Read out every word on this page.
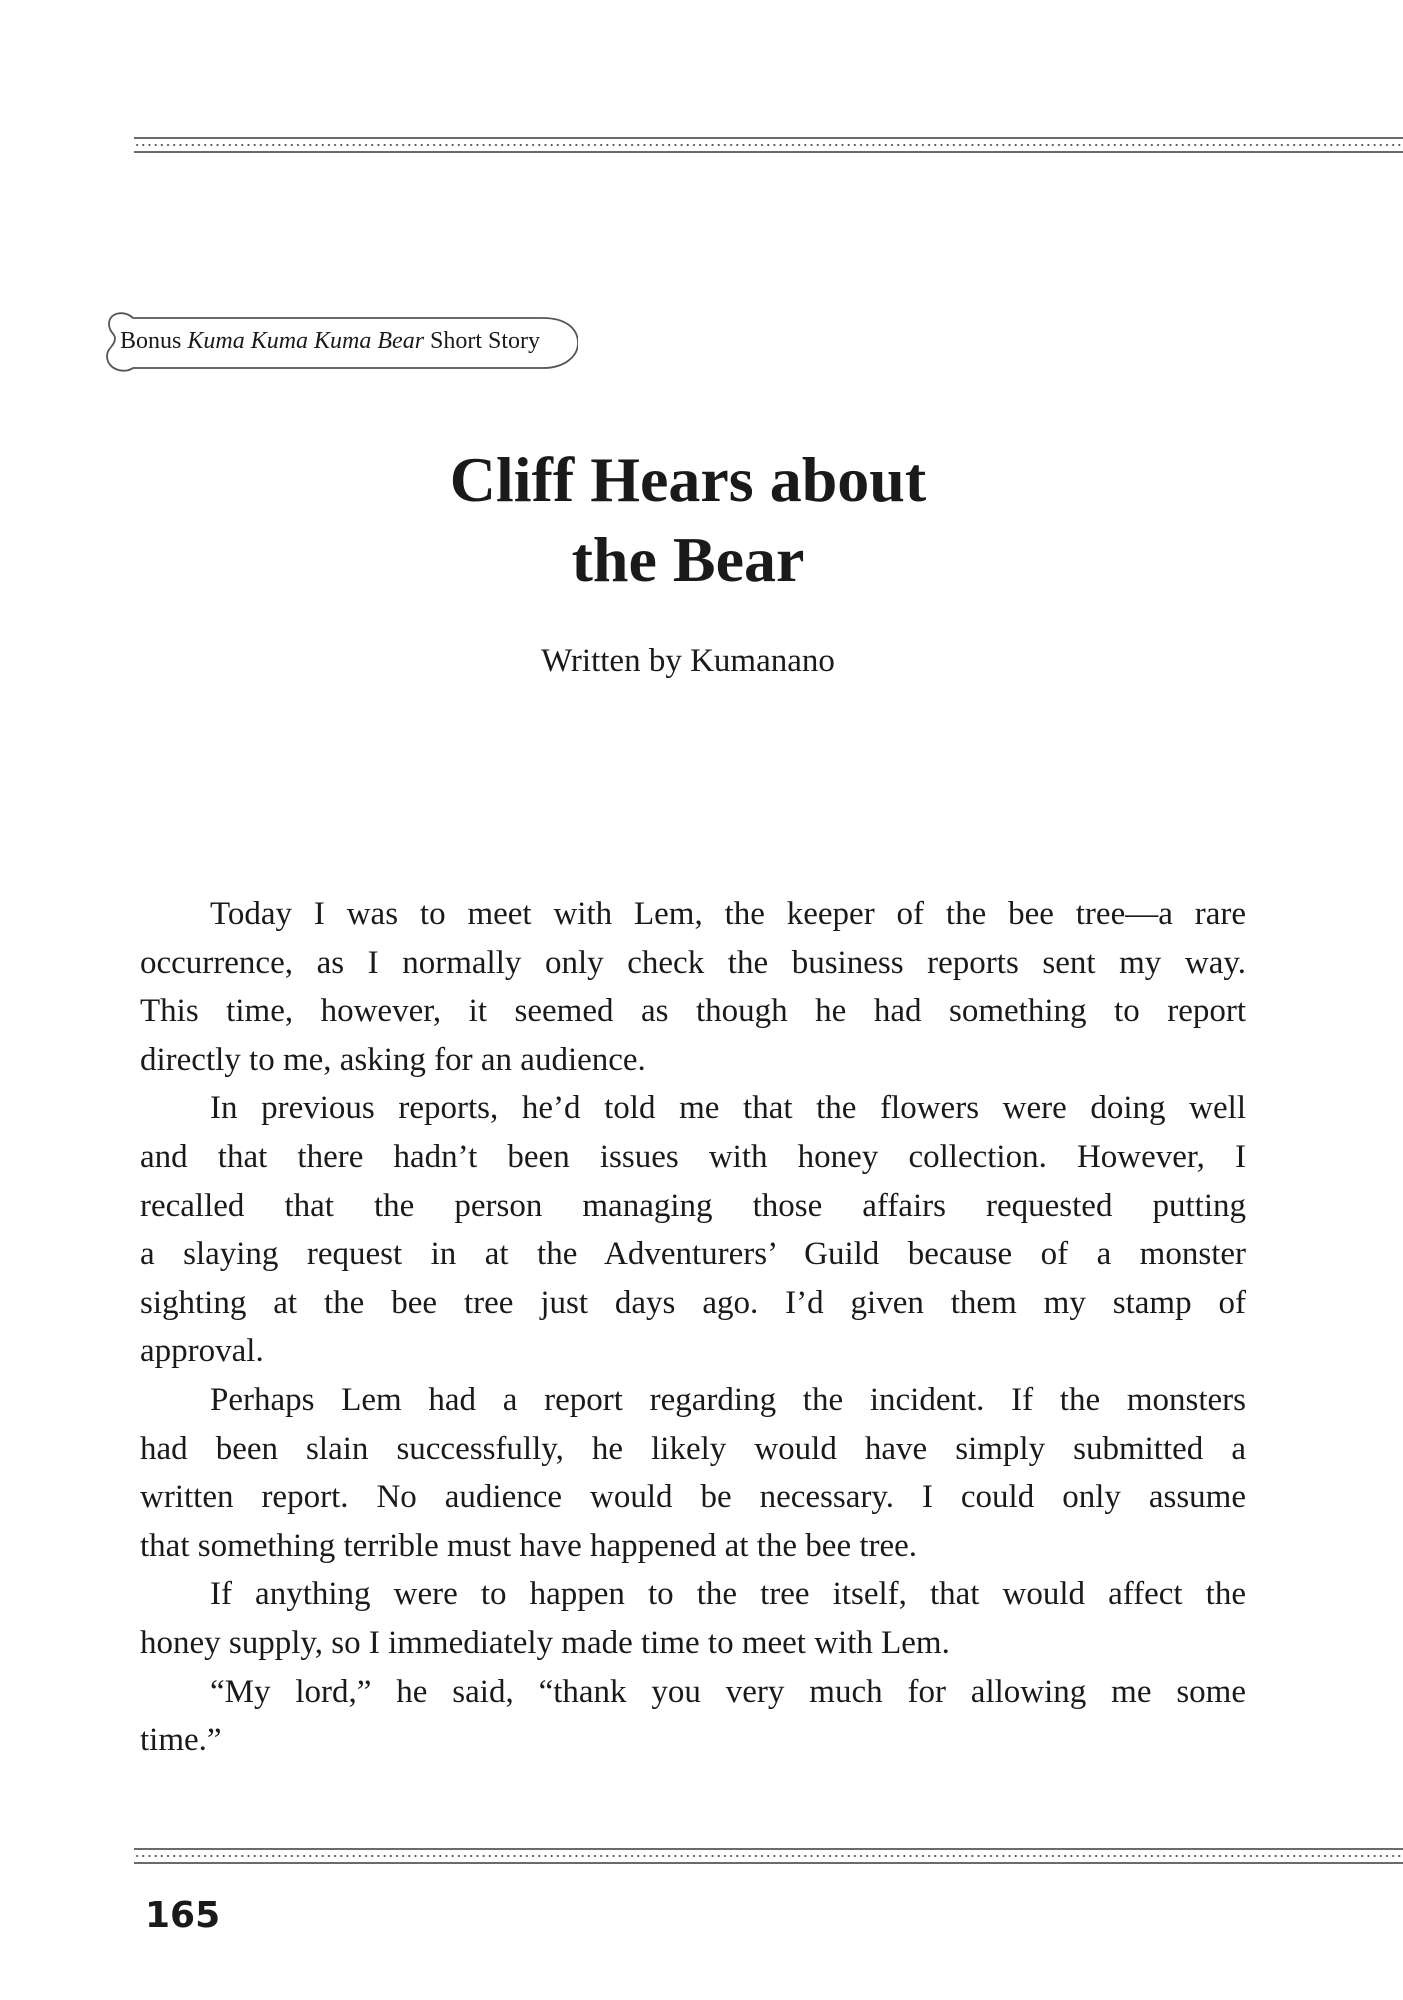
Bonus Kuma Kuma Kuma Bear Short Story
Cliff Hears about
the Bear
Written by Kumanano
Today I was to meet with Lem, the keeper of the bee tree—a rare
occurrence, as I normally only check the business reports sent my way.
This time, however, it seemed as though he had something to report
directly to me, asking for an audience.
In previous reports, he’d told me that the flowers were doing well
and that there hadn’t been issues with honey collection. However, I
recalled that the person managing those affairs requested putting
a slaying request in at the Adventurers’ Guild because of a monster
sighting at the bee tree just days ago. I’d given them my stamp of
approval.
Perhaps Lem had a report regarding the incident. If the monsters
had been slain successfully, he likely would have simply submitted a
written report. No audience would be necessary. I could only assume
that something terrible must have happened at the bee tree.
If anything were to happen to the tree itself, that would affect the
honey supply, so I immediately made time to meet with Lem.
“My lord,” he said, “thank you very much for allowing me some
time.”
165
